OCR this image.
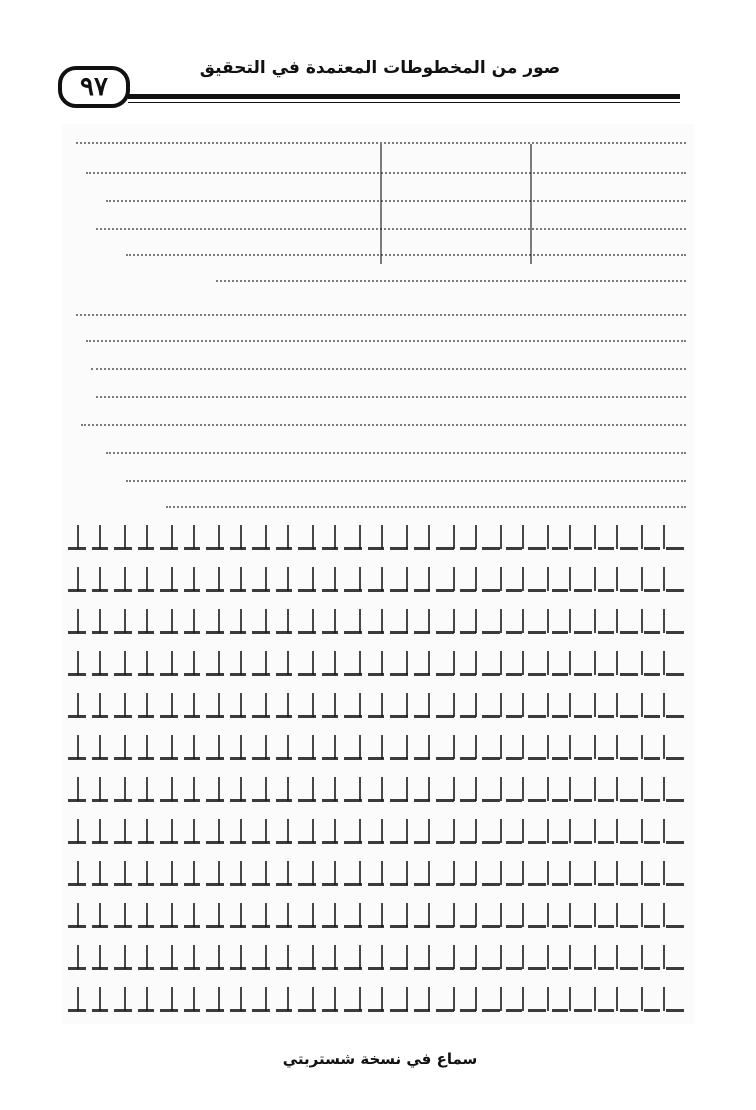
صور من المخطوطات المعتمدة في التحقيق
٩٧
سماع في نسخة شستربتي
